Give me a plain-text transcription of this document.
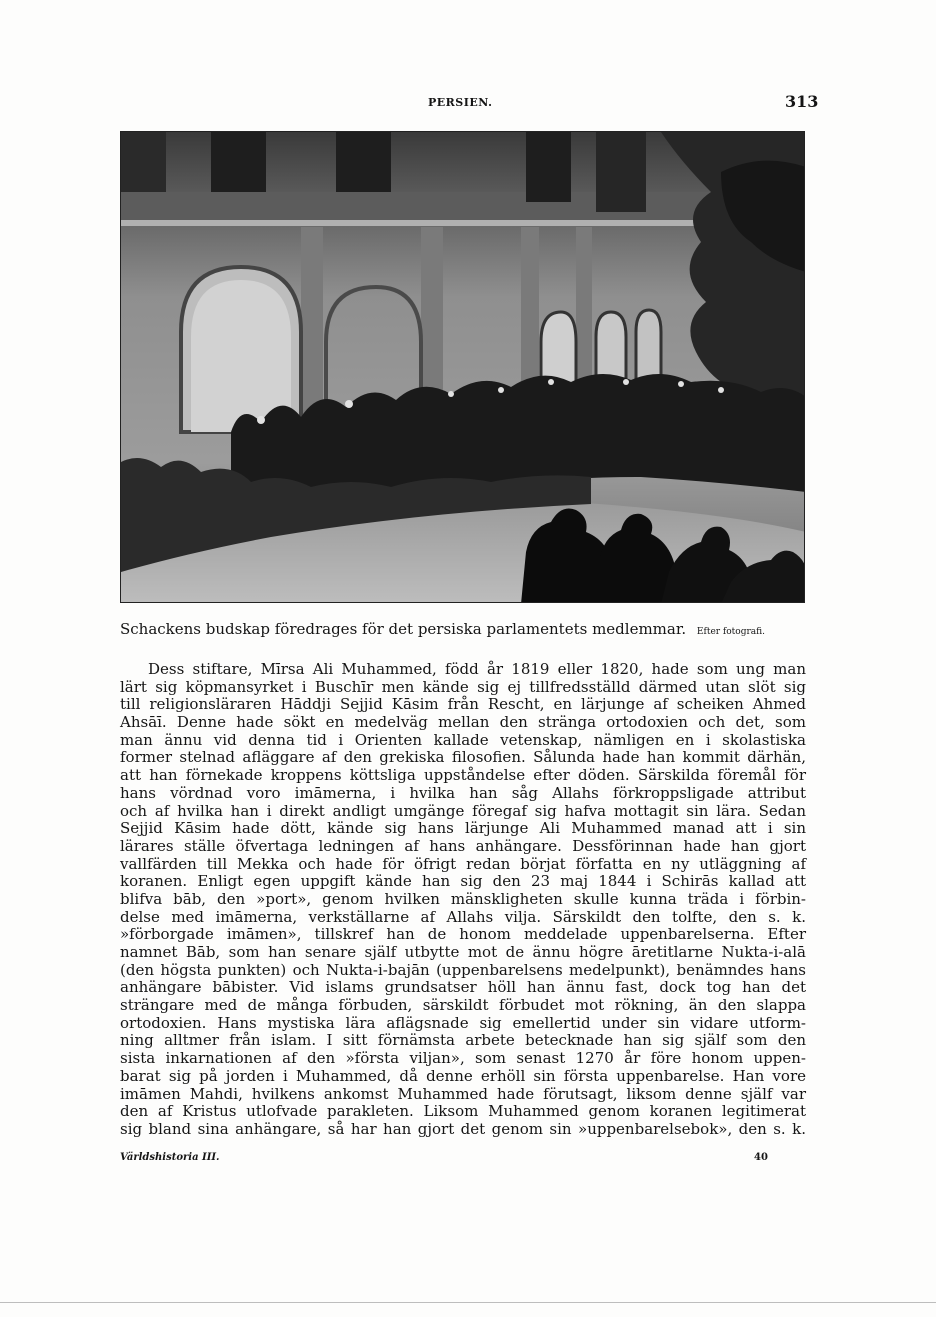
PERSIEN.	313
Schackens budskap föredrages för det persiska parlamentets medlemmar. Efter fotografi.
Dess stiftare, Mīrsa Ali Muhammed, född år 1819 eller 1820, hade som ung man
lärt sig köpmansyrket i Buschīr men kände sig ej tillfredsställd därmed utan slöt sig
till religionsläraren Hāddji Sejjid Kāsim från Rescht, en lärjunge af scheiken Ahmed
Ahsāī. Denne hade sökt en medelväg mellan den stränga ortodoxien och det, som
man ännu vid denna tid i Orienten kallade vetenskap, nämligen en i skolastiska
former stelnad afläggare af den grekiska filosofien. Sålunda hade han kommit därhän,
att han förnekade kroppens köttsliga uppståndelse efter döden. Särskilda föremål för
hans vördnad voro imāmerna, i hvilka han såg Allahs förkroppsligade attribut
och af hvilka han i direkt andligt umgänge föregaf sig hafva mottagit sin lära. Sedan
Sejjid Kāsim hade dött, kände sig hans lärjunge Ali Muhammed manad att i sin
lärares ställe öfvertaga ledningen af hans anhängare. Dessförinnan hade han gjort
vallfärden till Mekka och hade för öfrigt redan börjat författa en ny utläggning af
koranen. Enligt egen uppgift kände han sig den 23 maj 1844 i Schirās kallad att
blifva bāb, den »port», genom hvilken mänskligheten skulle kunna träda i förbin-
delse med imāmerna, verkställarne af Allahs vilja. Särskildt den tolfte, den s. k.
»förborgade imāmen», tillskref han de honom meddelade uppenbarelserna. Efter
namnet Bāb, som han senare själf utbytte mot de ännu högre āretitlarne Nukta-i-alā
(den högsta punkten) och Nukta-i-bajān (uppenbarelsens medelpunkt), benämndes hans
anhängare bābister. Vid islams grundsatser höll han ännu fast, dock tog han det
strängare med de många förbuden, särskildt förbudet mot rökning, än den slappa
ortodoxien. Hans mystiska lära aflägsnade sig emellertid under sin vidare utform-
ning alltmer från islam. I sitt förnämsta arbete betecknade han sig själf som den
sista inkarnationen af den »första viljan», som senast 1270 år före honom uppen-
barat sig på jorden i Muhammed, då denne erhöll sin första uppenbarelse. Han vore
imāmen Mahdi, hvilkens ankomst Muhammed hade förutsagt, liksom denne själf var
den af Kristus utlofvade parakleten. Liksom Muhammed genom koranen legitimerat
sig bland sina anhängare, så har han gjort det genom sin »uppenbarelsebok», den s. k.
Världshistoria III.	40
